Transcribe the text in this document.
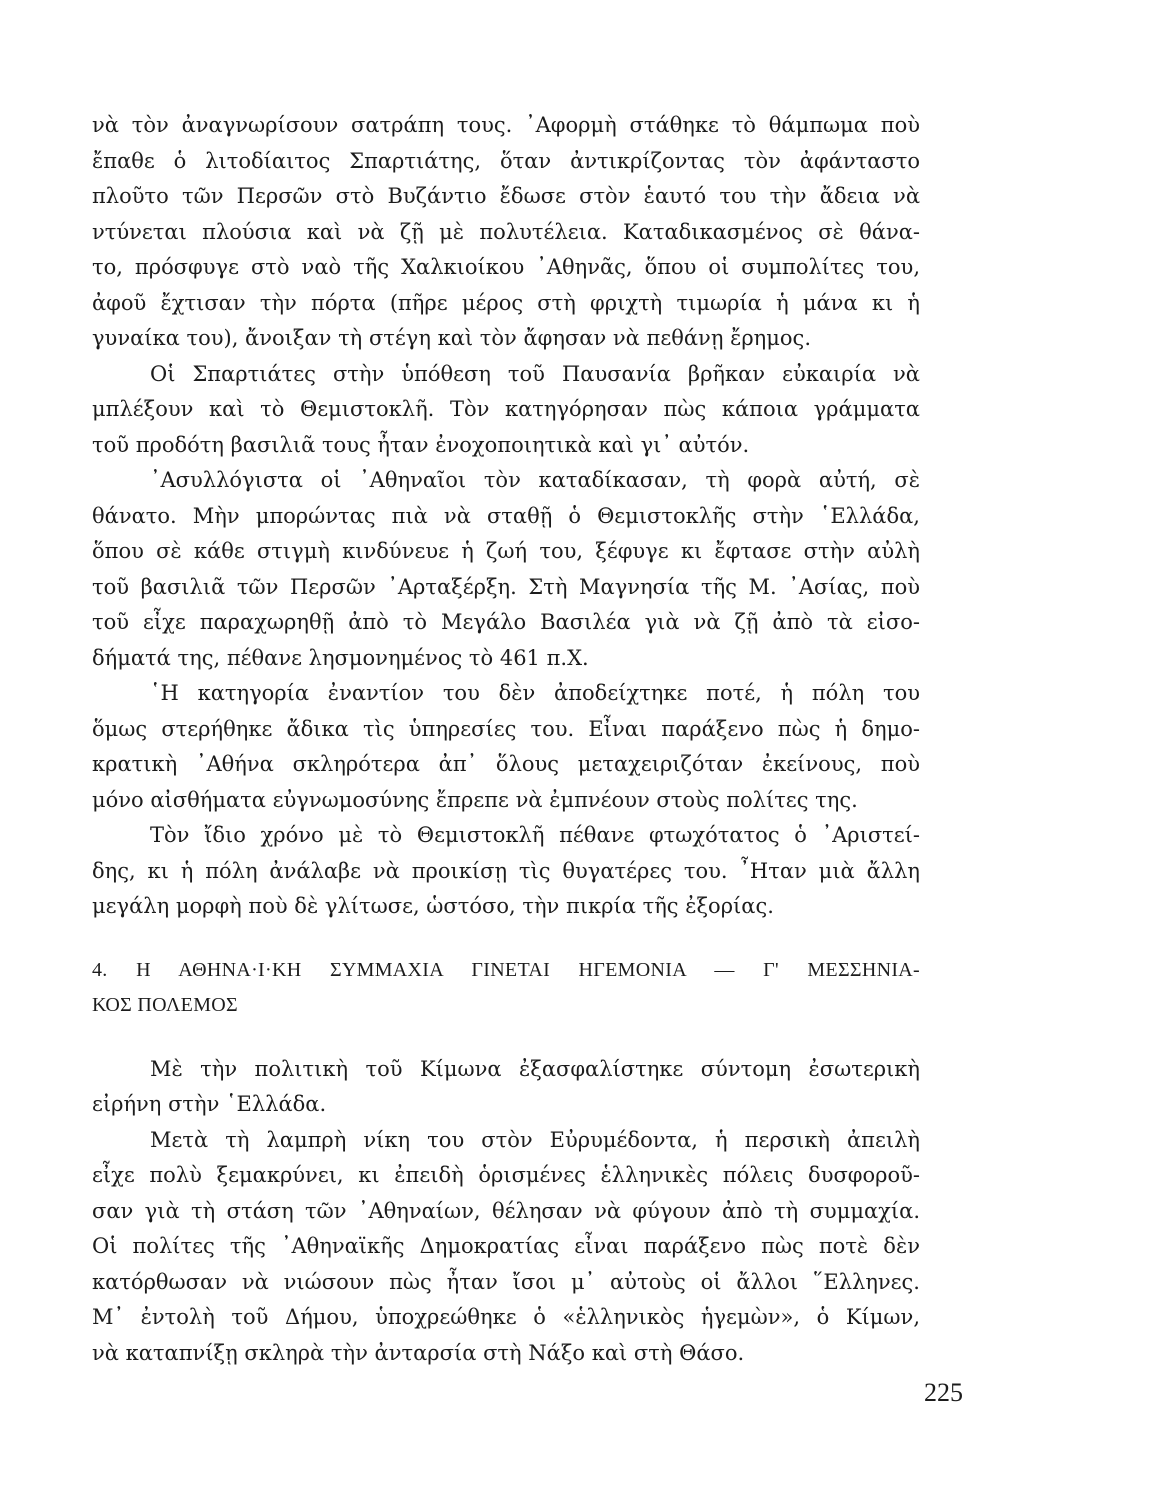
νὰ τὸν ἀναγνωρίσουν σατράπη τους. ᾿Αφορμὴ στάθηκε τὸ θάμπωμα ποὺ
ἔπαθε ὁ λιτοδίαιτος Σπαρτιάτης, ὅταν ἀντικρίζοντας τὸν ἀφάνταστο
πλοῦτο τῶν Περσῶν στὸ Βυζάντιο ἔδωσε στὸν ἑαυτό του τὴν ἄδεια νὰ
ντύνεται πλούσια καὶ νὰ ζῇ μὲ πολυτέλεια. Καταδικασμένος σὲ θάνα-
το, πρόσφυγε στὸ ναὸ τῆς Χαλκιοίκου ᾿Αθηνᾶς, ὅπου οἱ συμπολίτες του,
ἀφοῦ ἔχτισαν τὴν πόρτα (πῆρε μέρος στὴ φριχτὴ τιμωρία ἡ μάνα κι ἡ
γυναίκα του), ἄνοιξαν τὴ στέγη καὶ τὸν ἄφησαν νὰ πεθάνῃ ἔρημος.
Οἱ Σπαρτιάτες στὴν ὑπόθεση τοῦ Παυσανία βρῆκαν εὐκαιρία νὰ
μπλέξουν καὶ τὸ Θεμιστοκλῆ. Τὸν κατηγόρησαν πὼς κάποια γράμματα
τοῦ προδότη βασιλιᾶ τους ἦταν ἐνοχοποιητικὰ καὶ γι᾿ αὐτόν.
᾿Ασυλλόγιστα οἱ ᾿Αθηναῖοι τὸν καταδίκασαν, τὴ φορὰ αὐτή, σὲ
θάνατο. Μὴν μπορώντας πιὰ νὰ σταθῇ ὁ Θεμιστοκλῆς στὴν ῾Ελλάδα,
ὅπου σὲ κάθε στιγμὴ κινδύνευε ἡ ζωή του, ξέφυγε κι ἔφτασε στὴν αὐλὴ
τοῦ βασιλιᾶ τῶν Περσῶν ᾿Αρταξέρξη. Στὴ Μαγνησία τῆς Μ. ᾿Ασίας, ποὺ
τοῦ εἶχε παραχωρηθῇ ἀπὸ τὸ Μεγάλο Βασιλέα γιὰ νὰ ζῇ ἀπὸ τὰ εἰσο-
δήματά της, πέθανε λησμονημένος τὸ 461 π.Χ.
῾Η κατηγορία ἐναντίον του δὲν ἀποδείχτηκε ποτέ, ἡ πόλη του
ὅμως στερήθηκε ἄδικα τὶς ὑπηρεσίες του. Εἶναι παράξενο πὼς ἡ δημο-
κρατικὴ ᾿Αθήνα σκληρότερα ἀπ᾿ ὅλους μεταχειριζόταν ἐκείνους, ποὺ
μόνο αἰσθήματα εὐγνωμοσύνης ἔπρεπε νὰ ἐμπνέουν στοὺς πολίτες της.
Τὸν ἴδιο χρόνο μὲ τὸ Θεμιστοκλῆ πέθανε φτωχότατος ὁ ᾿Αριστεί-
δης, κι ἡ πόλη ἀνάλαβε νὰ προικίσῃ τὶς θυγατέρες του. ῏Ηταν μιὰ ἄλλη
μεγάλη μορφὴ ποὺ δὲ γλίτωσε, ὡστόσο, τὴν πικρία τῆς ἐξορίας.
4. Η ΑΘΗΝΑ·Ι·ΚΗ ΣΥΜΜΑΧΙΑ ΓΙΝΕΤΑΙ ΗΓΕΜΟΝΙΑ — Γ' ΜΕΣΣΗΝΙΑ-
ΚΟΣ ΠΟΛΕΜΟΣ
Μὲ τὴν πολιτικὴ τοῦ Κίμωνα ἐξασφαλίστηκε σύντομη ἐσωτερικὴ
εἰρήνη στὴν ῾Ελλάδα.
Μετὰ τὴ λαμπρὴ νίκη του στὸν Εὐρυμέδοντα, ἡ περσικὴ ἀπειλὴ
εἶχε πολὺ ξεμακρύνει, κι ἐπειδὴ ὁρισμένες ἑλληνικὲς πόλεις δυσφοροῦ-
σαν γιὰ τὴ στάση τῶν ᾿Αθηναίων, θέλησαν νὰ φύγουν ἀπὸ τὴ συμμαχία.
Οἱ πολίτες τῆς ᾿Αθηναϊκῆς Δημοκρατίας εἶναι παράξενο πὼς ποτὲ δὲν
κατόρθωσαν νὰ νιώσουν πὼς ἦταν ἴσοι μ᾿ αὐτοὺς οἱ ἄλλοι ῞Ελληνες.
Μ᾿ ἐντολὴ τοῦ Δήμου, ὑποχρεώθηκε ὁ «ἑλληνικὸς ἡγεμὼν», ὁ Κίμων,
νὰ καταπνίξῃ σκληρὰ τὴν ἀνταρσία στὴ Νάξο καὶ στὴ Θάσο.
225
